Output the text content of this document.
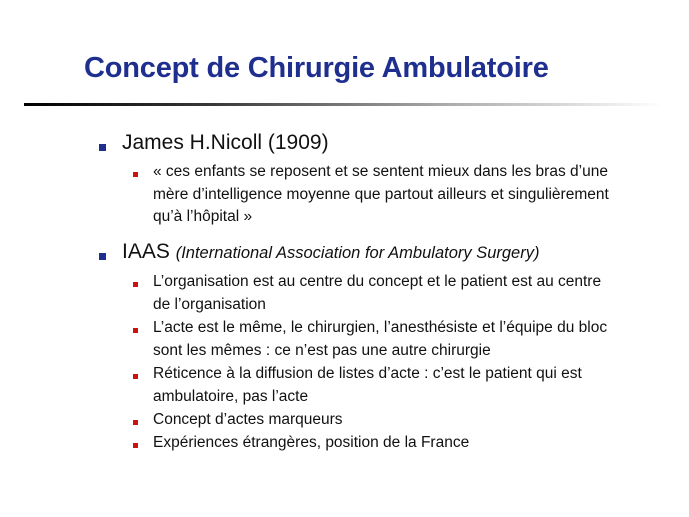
Concept de Chirurgie Ambulatoire
James H.Nicoll (1909)
« ces enfants se reposent et se sentent mieux dans les bras d’une
mère d’intelligence moyenne que partout ailleurs et singulièrement
qu’à l’hôpital »
IAAS (International Association for Ambulatory Surgery)
L’organisation est au centre du concept et le patient est au centre
de l’organisation
L’acte est le même, le chirurgien, l’anesthésiste et l’équipe du bloc
sont les mêmes : ce n’est pas une autre chirurgie
Réticence à la diffusion de listes d’acte : c’est le patient qui est
ambulatoire, pas l’acte
Concept d’actes marqueurs
Expériences étrangères, position de la France
